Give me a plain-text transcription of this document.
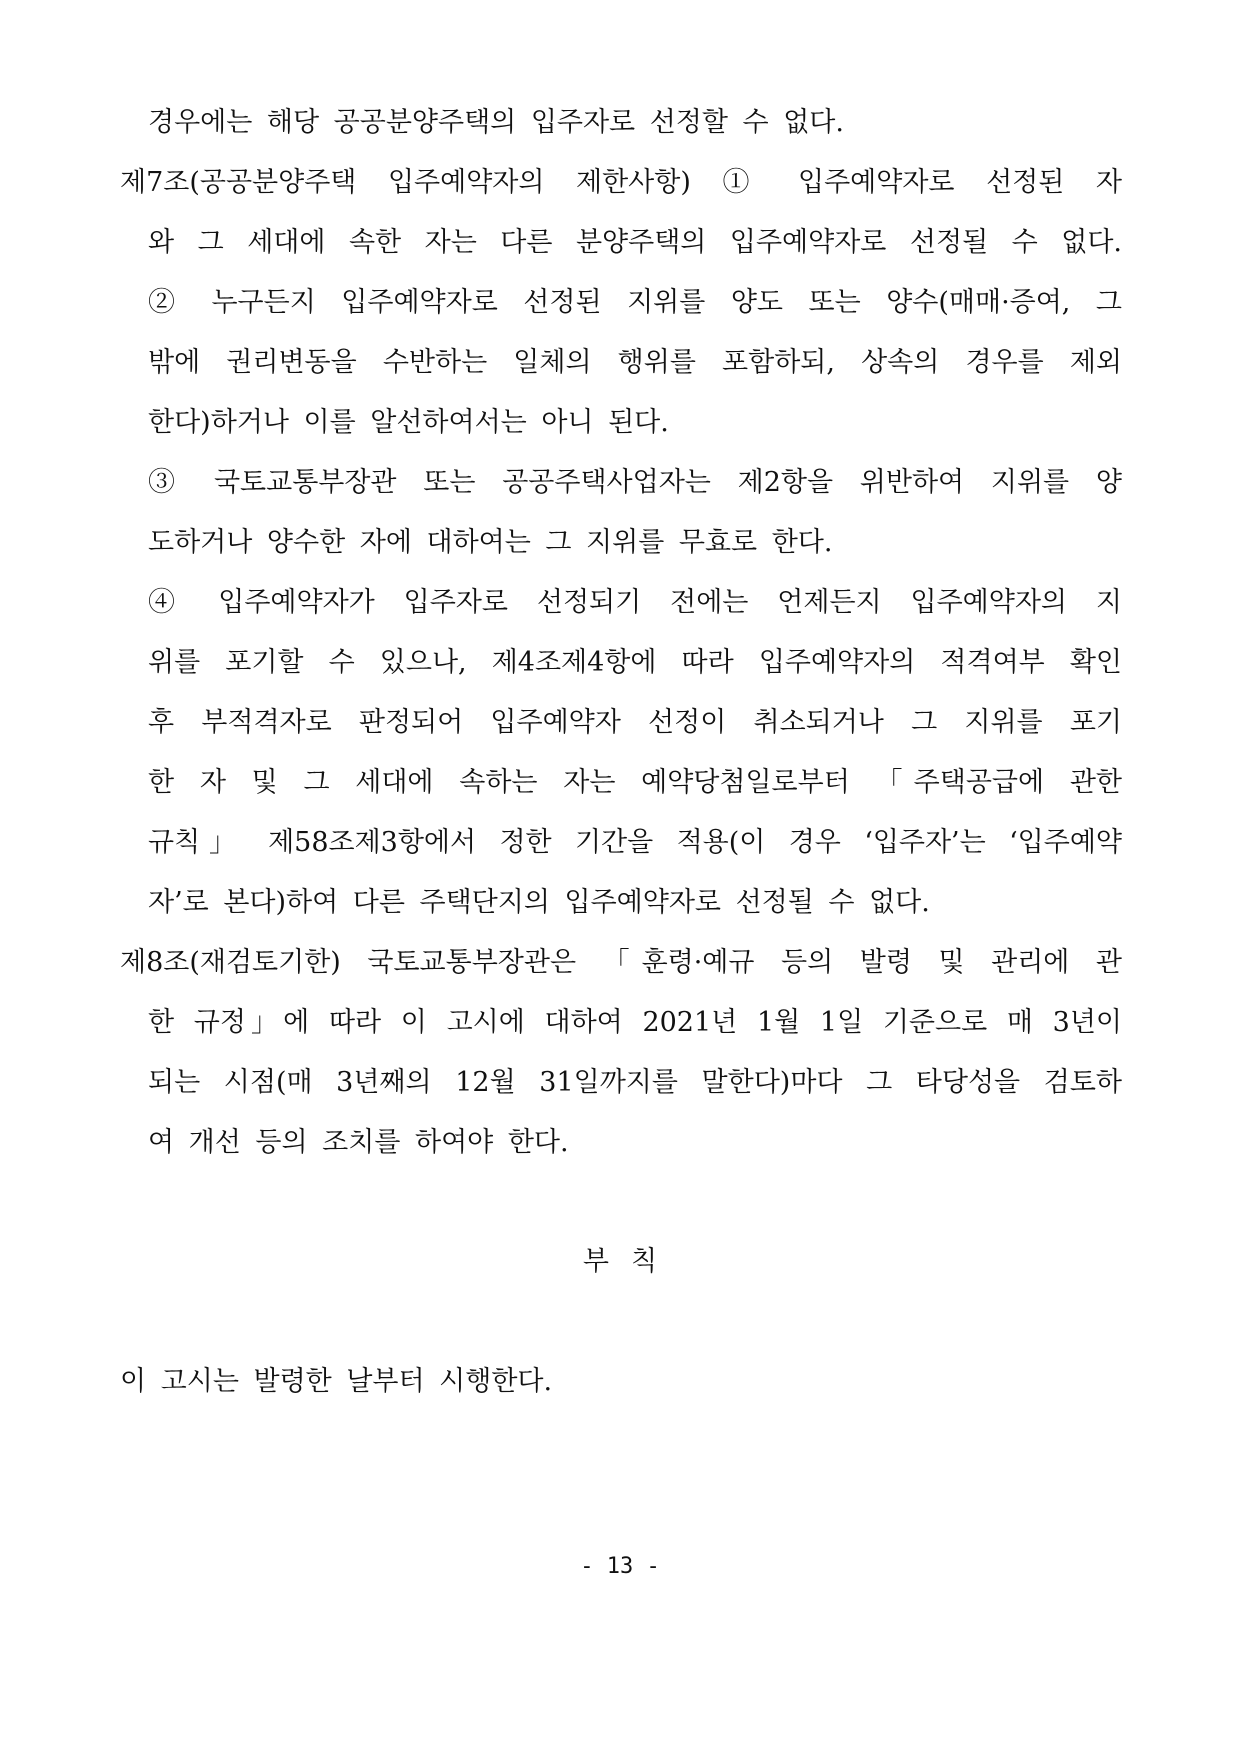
경우에는 해당 공공분양주택의 입주자로 선정할 수 없다.
제7조(공공분양주택 입주예약자의 제한사항) ① 입주예약자로 선정된 자
와 그 세대에 속한 자는 다른 분양주택의 입주예약자로 선정될 수 없다.
② 누구든지 입주예약자로 선정된 지위를 양도 또는 양수(매매·증여, 그
밖에 권리변동을 수반하는 일체의 행위를 포함하되, 상속의 경우를 제외
한다)하거나 이를 알선하여서는 아니 된다.
③ 국토교통부장관 또는 공공주택사업자는 제2항을 위반하여 지위를 양
도하거나 양수한 자에 대하여는 그 지위를 무효로 한다.
④ 입주예약자가 입주자로 선정되기 전에는 언제든지 입주예약자의 지
위를 포기할 수 있으나, 제4조제4항에 따라 입주예약자의 적격여부 확인
후 부적격자로 판정되어 입주예약자 선정이 취소되거나 그 지위를 포기
한 자 및 그 세대에 속하는 자는 예약당첨일로부터 「주택공급에 관한
규칙」 제58조제3항에서 정한 기간을 적용(이 경우 ‘입주자’는 ‘입주예약
자’로 본다)하여 다른 주택단지의 입주예약자로 선정될 수 없다.
제8조(재검토기한) 국토교통부장관은 「훈령·예규 등의 발령 및 관리에 관
한 규정」에 따라 이 고시에 대하여 2021년 1월 1일 기준으로 매 3년이
되는 시점(매 3년째의 12월 31일까지를 말한다)마다 그 타당성을 검토하
여 개선 등의 조치를 하여야 한다.
부칙
이 고시는 발령한 날부터 시행한다.
- 13 -
